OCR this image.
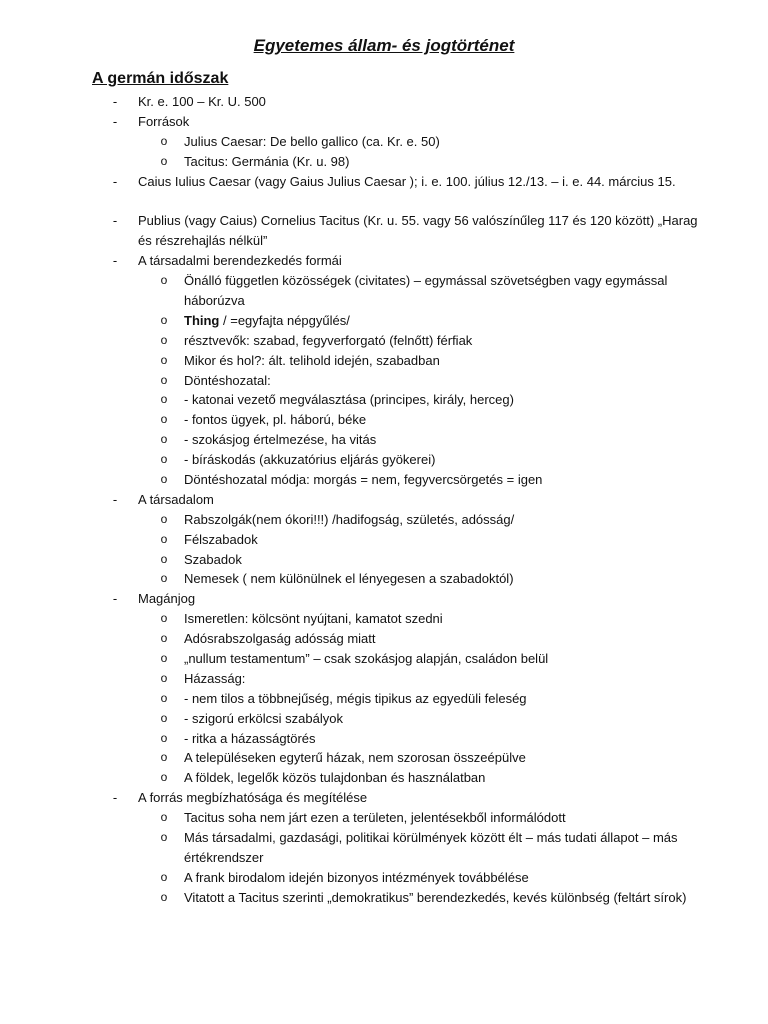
Egyetemes állam- és jogtörténet
A germán időszak
-	Kr. e. 100 – Kr. U. 500
-	Források
o Julius Caesar: De bello gallico (ca. Kr. e. 50)
o Tacitus: Germánia (Kr. u. 98)
-	Caius Iulius Caesar (vagy Gaius Julius Caesar ); i. e. 100. július 12./13. – i. e. 44. március 15.
-	Publius (vagy Caius) Cornelius Tacitus (Kr. u. 55. vagy 56 valószínűleg 117 és 120 között) „Harag és részrehajlás nélkül”
-	A társadalmi berendezkedés formái
o Önálló független közösségek (civitates) – egymással szövetségben vagy egymással háborúzva
o Thing / =egyfajta népgyűlés/
o résztvevők: szabad, fegyverforgató (felnőtt) férfiak
o Mikor és hol?: ált. telihold idején, szabadban
o Döntéshozatal:
o - katonai vezető megválasztása (principes, király, herceg)
o - fontos ügyek, pl. háború, béke
o - szokásjog értelmezése, ha vitás
o - bíráskodás (akkuzatórius eljárás gyökerei)
o Döntéshozatal módja: morgás = nem, fegyvercsörgetés = igen
-	A társadalom
o Rabszolgák(nem ókori!!!) /hadifogság, születés, adósság/
o Félszabadok
o Szabadok
o Nemesek ( nem különülnek el lényegesen a szabadoktól)
-	Magánjog
o Ismeretlen: kölcsönt nyújtani, kamatot szedni
o Adósrabszolgaság adósság miatt
o „nullum testamentum” – csak szokásjog alapján, családon belül
o Házasság:
o - nem tilos a többnejűség, mégis tipikus az egyedüli feleség
o - szigorú erkölcsi szabályok
o - ritka a házasságtörés
o A településeken egyterű házak, nem szorosan összeépülve
o A földek, legelők közös tulajdonban és használatban
-	A forrás megbízhatósága és megítélése
o Tacitus soha nem járt ezen a területen, jelentésekből informálódott
o Más társadalmi, gazdasági, politikai körülmények között élt – más tudati állapot – más értékrendszer
o A frank birodalom idején bizonyos intézmények továbbélése
o Vitatott a Tacitus szerinti „demokratikus” berendezkedés, kevés különbség (feltárt sírok)
